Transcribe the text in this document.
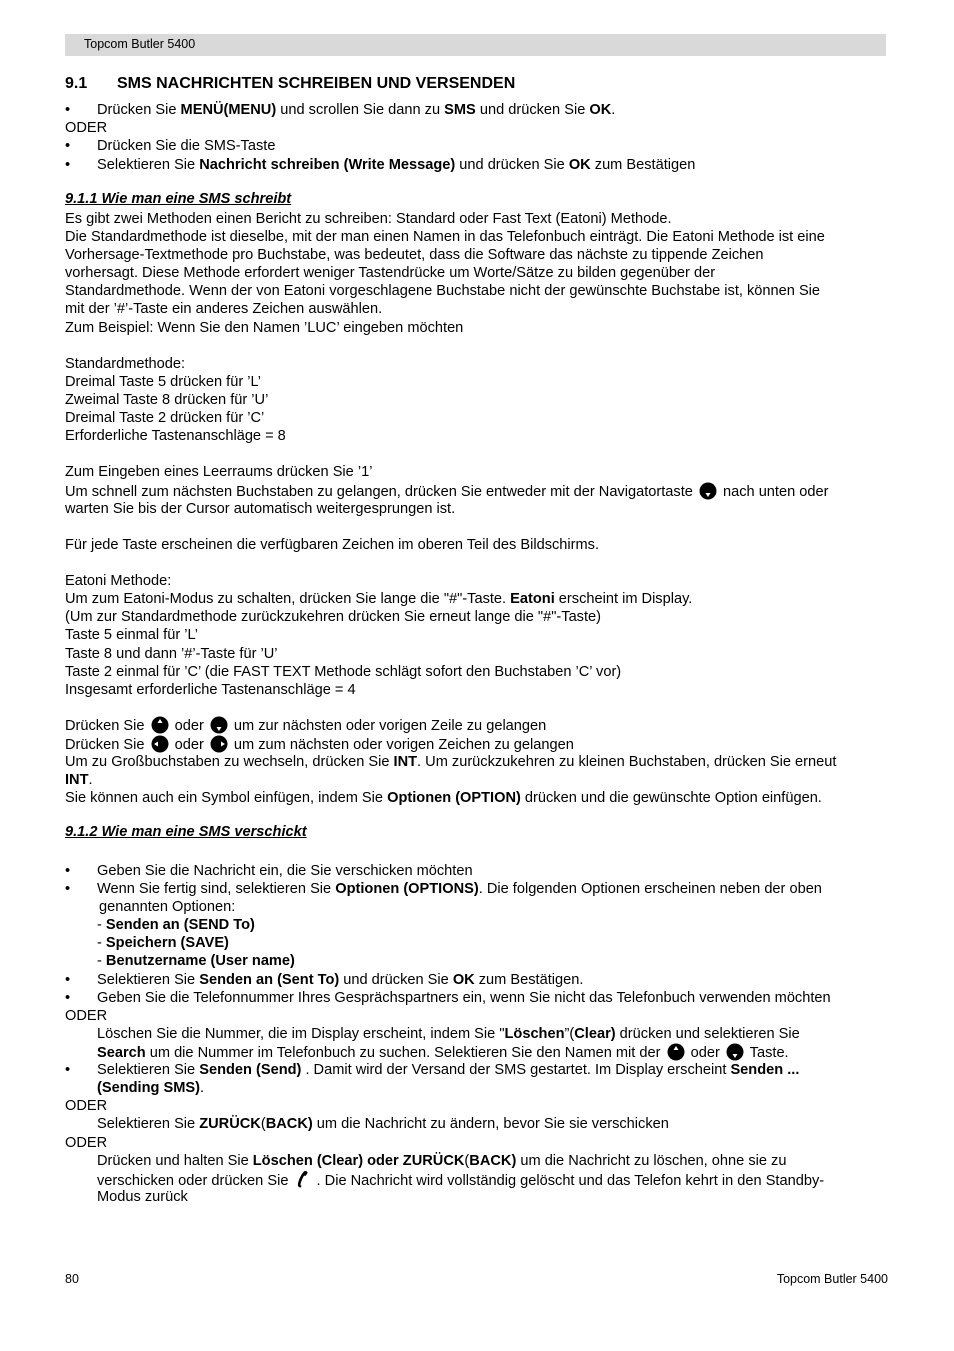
Topcom Butler 5400
9.1 SMS NACHRICHTEN SCHREIBEN UND VERSENDEN
• Drücken Sie MENÜ(MENU) und scrollen Sie dann zu SMS und drücken Sie OK.
ODER
• Drücken Sie die SMS-Taste
• Selektieren Sie Nachricht schreiben (Write Message) und drücken Sie OK zum Bestätigen
9.1.1 Wie man eine SMS schreibt
Es gibt zwei Methoden einen Bericht zu schreiben: Standard oder Fast Text (Eatoni) Methode.
Die Standardmethode ist dieselbe, mit der man einen Namen in das Telefonbuch einträgt. Die Eatoni Methode ist eine
Vorhersage-Textmethode pro Buchstabe, was bedeutet, dass die Software das nächste zu tippende Zeichen
vorhersagt. Diese Methode erfordert weniger Tastendrücke um Worte/Sätze zu bilden gegenüber der
Standardmethode. Wenn der von Eatoni vorgeschlagene Buchstabe nicht der gewünschte Buchstabe ist, können Sie
mit der ’#’-Taste ein anderes Zeichen auswählen.
Zum Beispiel: Wenn Sie den Namen ’LUC’ eingeben möchten
Standardmethode:
Dreimal Taste 5 drücken für ’L’
Zweimal Taste 8 drücken für ’U’
Dreimal Taste 2 drücken für ’C’
Erforderliche Tastenanschläge = 8
Zum Eingeben eines Leerraums drücken Sie ’1’
Um schnell zum nächsten Buchstaben zu gelangen, drücken Sie entweder mit der Navigatortaste
nach unten oder
warten Sie bis der Cursor automatisch weitergesprungen ist.
Für jede Taste erscheinen die verfügbaren Zeichen im oberen Teil des Bildschirms.
Eatoni Methode:
Um zum Eatoni-Modus zu schalten, drücken Sie lange die "#"-Taste. Eatoni erscheint im Display.
(Um zur Standardmethode zurückzukehren drücken Sie erneut lange die "#"-Taste)
Taste 5 einmal für ’L’
Taste 8 und dann ’#’-Taste für ’U’
Taste 2 einmal für ’C’ (die FAST TEXT Methode schlägt sofort den Buchstaben ’C’ vor)
Insgesamt erforderliche Tastenanschläge = 4
Drücken Sie
oder
um zur nächsten oder vorigen Zeile zu gelangen
Drücken Sie
oder
um zum nächsten oder vorigen Zeichen zu gelangen
Um zu Großbuchstaben zu wechseln, drücken Sie INT. Um zurückzukehren zu kleinen Buchstaben, drücken Sie erneut
INT.
Sie können auch ein Symbol einfügen, indem Sie Optionen (OPTION) drücken und die gewünschte Option einfügen.
9.1.2 Wie man eine SMS verschickt
• Geben Sie die Nachricht ein, die Sie verschicken möchten
• Wenn Sie fertig sind, selektieren Sie Optionen (OPTIONS). Die folgenden Optionen erscheinen neben der oben
genannten Optionen:
- Senden an (SEND To)
- Speichern (SAVE)
- Benutzername (User name)
• Selektieren Sie Senden an (Sent To) und drücken Sie OK zum Bestätigen.
• Geben Sie die Telefonnummer Ihres Gesprächspartners ein, wenn Sie nicht das Telefonbuch verwenden möchten
ODER
Löschen Sie die Nummer, die im Display erscheint, indem Sie "Löschen”(Clear) drücken und selektieren Sie
Search um die Nummer im Telefonbuch zu suchen. Selektieren Sie den Namen mit der
oder
Taste.
• Selektieren Sie Senden (Send) . Damit wird der Versand der SMS gestartet. Im Display erscheint Senden ...
(Sending SMS).
ODER
Selektieren Sie ZURÜCK(BACK) um die Nachricht zu ändern, bevor Sie sie verschicken
ODER
Drücken und halten Sie Löschen (Clear) oder ZURÜCK(BACK) um die Nachricht zu löschen, ohne sie zu
verschicken oder drücken Sie
. Die Nachricht wird vollständig gelöscht und das Telefon kehrt in den Standby-
Modus zurück
80	Topcom Butler 5400
